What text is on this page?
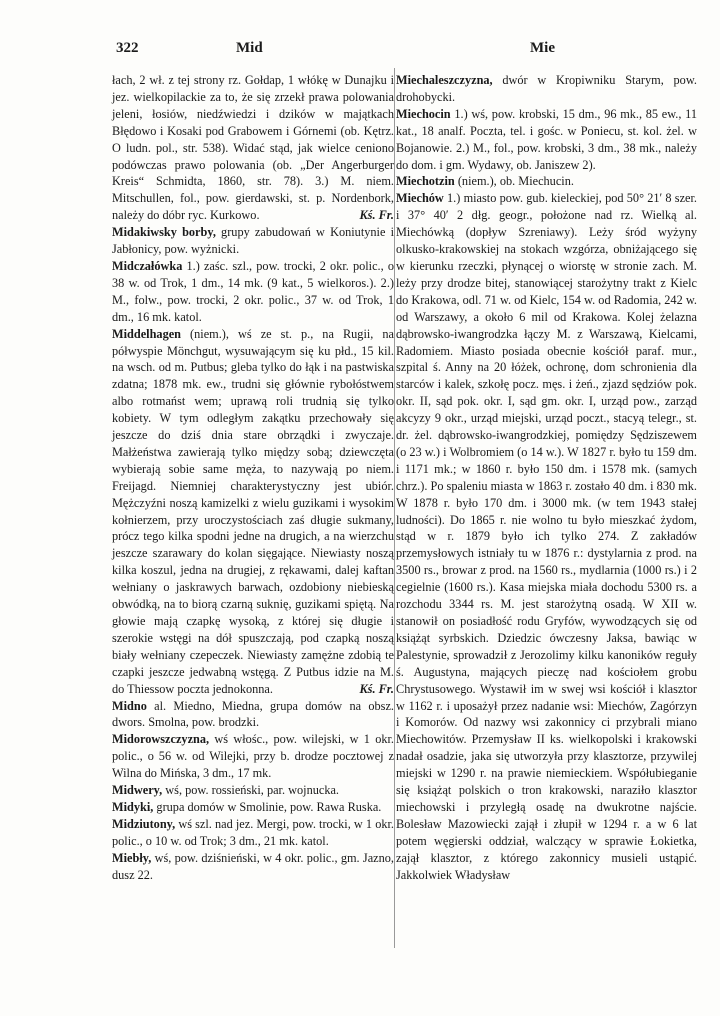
322	Mid	Mie

łach, 2 wł. z tej strony rz. Gołdap, 1 włókę w Dunajku i jez. wielkopilackie za to, że się zrzekł prawa polowania jeleni, łosiów, niedźwiedzi i dzików w majątkach Błędowo i Kosaki pod Grabowem i Górnemi (ob. Kętrz. O ludn. pol., str. 538). Widać stąd, jak wielce ceniono podówczas prawo polowania (ob. „Der Angerburger Kreis“ Schmidta, 1860, str. 78). 3.) M. niem. Mitschullen, fol., pow. gierdawski, st. p. Nordenbork, należy do dóbr ryc. Kurkowo.	Kś. Fr.

Midakiwsky borby, grupy zabudowań w Koniutynie i Jabłonicy, pow. wyżnicki.

Midczałówka 1.) zaśc. szl., pow. trocki, 2 okr. polic., o 38 w. od Trok, 1 dm., 14 mk. (9 kat., 5 wielkoros.). 2.) M., folw., pow. trocki, 2 okr. polic., 37 w. od Trok, 1 dm., 16 mk. katol.

Middelhagen (niem.), wś ze st. p., na Rugii, na półwyspie Mönchgut, wysuwającym się ku płd., 15 kil. na wsch. od m. Putbus; gleba tylko do łąk i na pastwiska zdatna; 1878 mk. ew., trudni się głównie rybołóstwem albo rotmańst wem; uprawą roli trudnią się tylko kobiety. W tym odległym zakątku przechowały się jeszcze do dziś dnia stare obrządki i zwyczaje. Małżeństwa zawierają tylko między sobą; dziewczęta wybierają sobie same męża, to nazywają po niem. Freijagd. Niemniej charakterystyczny jest ubiór. Mężczyźni noszą kamizelki z wielu guzikami i wysokim kołnierzem, przy uroczystościach zaś długie sukmany, prócz tego kilka spodni jedne na drugich, a na wierzchu jeszcze szarawary do kolan sięgające. Niewiasty noszą kilka koszul, jedna na drugiej, z rękawami, dalej kaftan wełniany o jaskrawych barwach, ozdobiony niebieską obwódką, na to biorą czarną suknię, guzikami spiętą. Na głowie mają czapkę wysoką, z której się długie i szerokie wstęgi na dół spuszczają, pod czapką noszą biały wełniany czepeczek. Niewiasty zamężne zdobią te czapki jeszcze jedwabną wstęgą. Z Putbus idzie na M. do Thiessow poczta jednokonna.	Kś. Fr.

Midno al. Miedno, Miedna, grupa domów na obsz. dwors. Smolna, pow. brodzki.

Midorowszczyzna, wś włośc., pow. wilejski, w 1 okr. polic., o 56 w. od Wilejki, przy b. drodze pocztowej z Wilna do Mińska, 3 dm., 17 mk.

Midwery, wś, pow. rossieński, par. wojnucka.

Midyki, grupa domów w Smolinie, pow. Rawa Ruska.

Midziutony, wś szl. nad jez. Mergi, pow. trocki, w 1 okr. polic., o 10 w. od Trok; 3 dm., 21 mk. katol.

Miebły, wś, pow. dziśnieński, w 4 okr. polic., gm. Jazno, dusz 22.

Miechaleszczyzna, dwór w Kropiwniku Starym, pow. drohobycki.

Miechocin 1.) wś, pow. krobski, 15 dm., 96 mk., 85 ew., 11 kat., 18 analf. Poczta, tel. i gośc. w Poniecu, st. kol. żel. w Bojanowie. 2.) M., fol., pow. krobski, 3 dm., 38 mk., należy do dom. i gm. Wydawy, ob. Janiszew 2).

Miechotzin (niem.), ob. Miechucin.

Miechów 1.) miasto pow. gub. kieleckiej, pod 50° 21′ 8 szer. i 37° 40′ 2 dłg. geogr., położone nad rz. Wielką al. Miechówką (dopływ Szreniawy). Leży śród wyżyny olkusko-krakowskiej na stokach wzgórza, obniżającego się w kierunku rzeczki, płynącej o wiorstę w stronie zach. M. leży przy drodze bitej, stanowiącej starożytny trakt z Kielc do Krakowa, odl. 71 w. od Kielc, 154 w. od Radomia, 242 w. od Warszawy, a około 6 mil od Krakowa. Kolej żelazna dąbrowsko-iwangrodzka łączy M. z Warszawą, Kielcami, Radomiem. Miasto posiada obecnie kościół paraf. mur., szpital ś. Anny na 20 łóżek, ochronę, dom schronienia dla starców i kalek, szkołę pocz. męs. i żeń., zjazd sędziów pok. okr. II, sąd pok. okr. I, sąd gm. okr. I, urząd pow., zarząd akcyzy 9 okr., urząd miejski, urząd poczt., stacyą telegr., st. dr. żel. dąbrowsko-iwangrodzkiej, pomiędzy Sędziszewem (o 23 w.) i Wolbromiem (o 14 w.). W 1827 r. było tu 159 dm. i 1171 mk.; w 1860 r. było 150 dm. i 1578 mk. (samych chrz.). Po spaleniu miasta w 1863 r. zostało 40 dm. i 830 mk. W 1878 r. było 170 dm. i 3000 mk. (w tem 1943 stałej ludności). Do 1865 r. nie wolno tu było mieszkać żydom, stąd w r. 1879 było ich tylko 274. Z zakładów przemysłowych istniały tu w 1876 r.: dystylarnia z prod. na 3500 rs., browar z prod. na 1560 rs., mydlarnia (1000 rs.) i 2 cegielnie (1600 rs.). Kasa miejska miała dochodu 5300 rs. a rozchodu 3344 rs. M. jest starożytną osadą. W XII w. stanowił on posiadłość rodu Gryfów, wywodzących się od książąt syrbskich. Dziedzic ówczesny Jaksa, bawiąc w Palestynie, sprowadził z Jerozolimy kilku kanoników reguły ś. Augustyna, mających pieczę nad kościołem grobu Chrystusowego. Wystawił im w swej wsi kościół i klasztor w 1162 r. i uposażył przez nadanie wsi: Miechów, Zagórzyn i Komorów. Od nazwy wsi zakonnicy ci przybrali miano Miechowitów. Przemysław II ks. wielkopolski i krakowski nadał osadzie, jaka się utworzyła przy klasztorze, przywilej miejski w 1290 r. na prawie niemieckiem. Współubieganie się książąt polskich o tron krakowski, naraziło klasztor miechowski i przyległą osadę na dwukrotne najście. Bolesław Mazowiecki zajął i złupił w 1294 r. a w 6 lat potem węgierski oddział, walczący w sprawie Łokietka, zajął klasztor, z którego zakonnicy musieli ustąpić. Jakkolwiek Władysław
